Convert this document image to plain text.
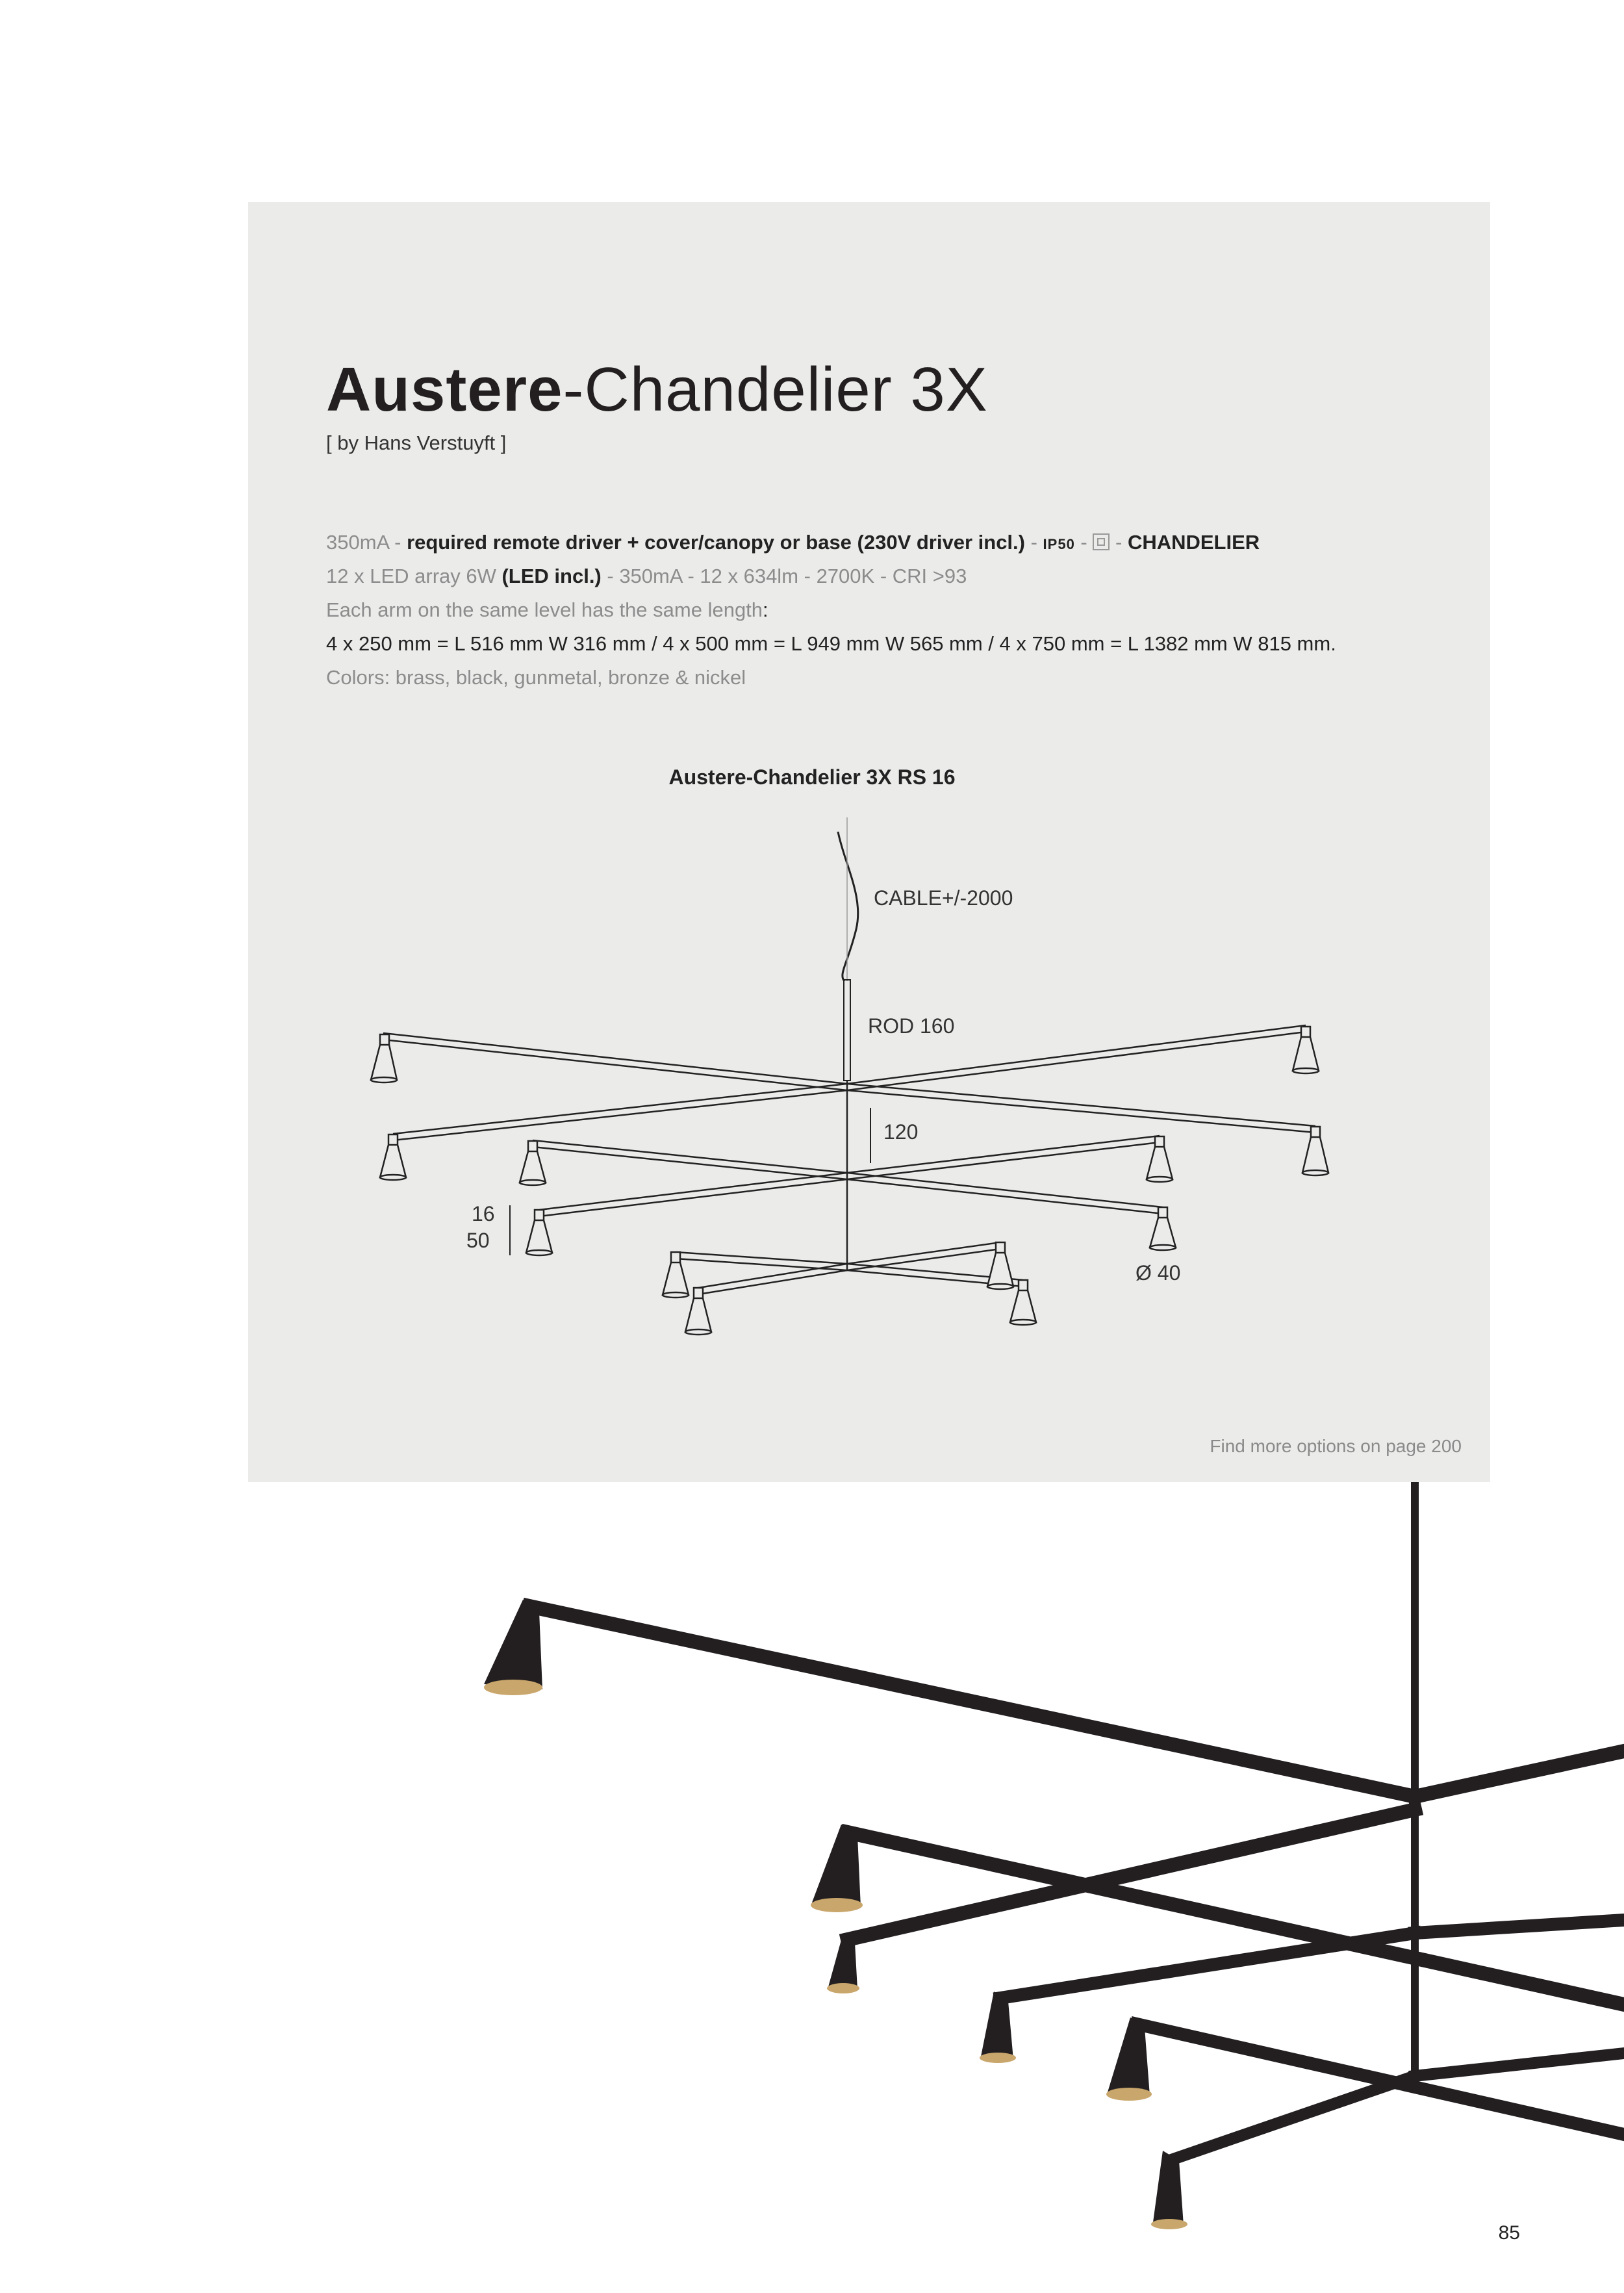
Austere-Chandelier 3X
[ by Hans Verstuyft ]
350mA - required remote driver + cover/canopy or base (230V driver incl.) - IP50 -  - CHANDELIER
12 x LED array 6W (LED incl.) - 350mA - 12 x 634lm - 2700K - CRI >93
Each arm on the same level has the same length:
4 x 250 mm = L 516 mm W 316 mm / 4 x 500 mm = L 949 mm W 565 mm / 4 x 750 mm = L 1382 mm W 815 mm.
Colors: brass, black, gunmetal, bronze & nickel
Austere-Chandelier 3X RS 16
CABLE+/-2000
ROD 160
120
16
50
Ø 40
Find more options on page 200
85
